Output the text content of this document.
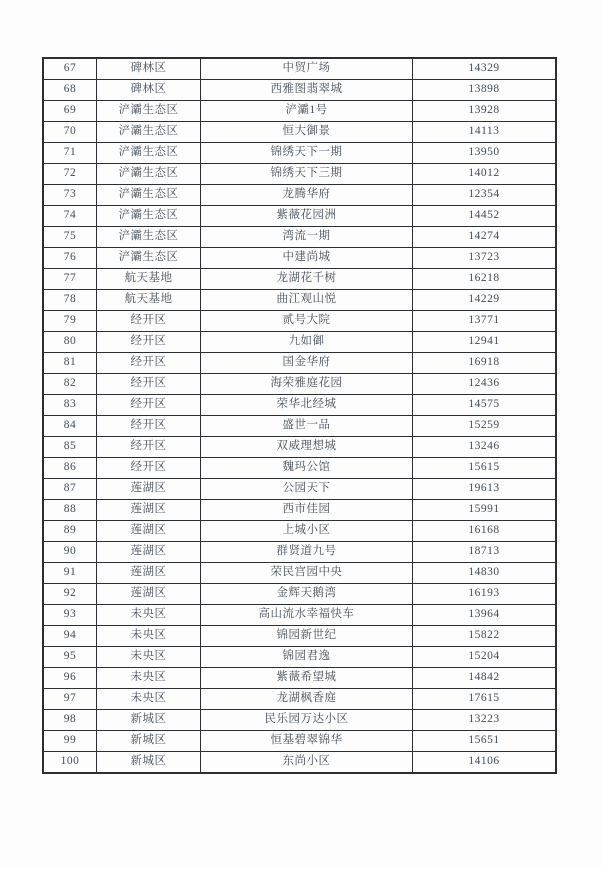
67	碑林区	中贸广场	14329
68	碑林区	西雅图翡翠城	13898
69	浐灞生态区	浐灞1号	13928
70	浐灞生态区	恒大御景	14113
71	浐灞生态区	锦绣天下一期	13950
72	浐灞生态区	锦绣天下三期	14012
73	浐灞生态区	龙腾华府	12354
74	浐灞生态区	紫薇花园洲	14452
75	浐灞生态区	湾流一期	14274
76	浐灞生态区	中建尚城	13723
77	航天基地	龙湖花千树	16218
78	航天基地	曲江观山悦	14229
79	经开区	贰号大院	13771
80	经开区	九如御	12941
81	经开区	国金华府	16918
82	经开区	海荣雅庭花园	12436
83	经开区	荣华北经城	14575
84	经开区	盛世一品	15259
85	经开区	双威理想城	13246
86	经开区	魏玛公馆	15615
87	莲湖区	公园天下	19613
88	莲湖区	西市佳园	15991
89	莲湖区	上城小区	16168
90	莲湖区	群贤道九号	18713
91	莲湖区	荣民宫园中央	14830
92	莲湖区	金辉天鹅湾	16193
93	未央区	高山流水幸福快车	13964
94	未央区	锦园新世纪	15822
95	未央区	锦园君逸	15204
96	未央区	紫薇希望城	14842
97	未央区	龙湖枫香庭	17615
98	新城区	民乐园万达小区	13223
99	新城区	恒基碧翠锦华	15651
100	新城区	东尚小区	14106
